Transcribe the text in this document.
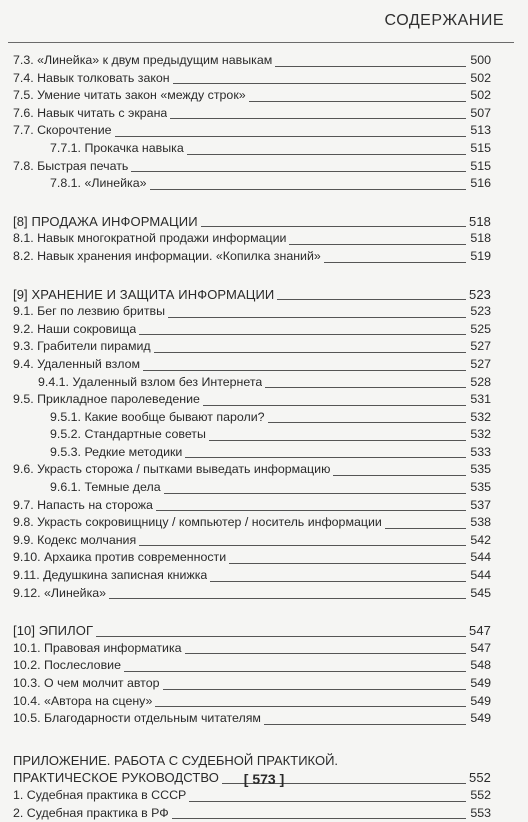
СОДЕРЖАНИЕ
7.3. «Линейка» к двум предыдущим навыкам	500
7.4. Навык толковать закон	502
7.5. Умение читать закон «между строк»	502
7.6. Навык читать с экрана	507
7.7. Скорочтение	513
7.7.1. Прокачка навыка	515
7.8. Быстрая печать	515
7.8.1. «Линейка»	516
[8] ПРОДАЖА ИНФОРМАЦИИ	518
8.1. Навык многократной продажи информации	518
8.2. Навык хранения информации. «Копилка знаний»	519
[9] ХРАНЕНИЕ И ЗАЩИТА ИНФОРМАЦИИ	523
9.1. Бег по лезвию бритвы	523
9.2. Наши сокровища	525
9.3. Грабители пирамид	527
9.4. Удаленный взлом	527
9.4.1. Удаленный взлом без Интернета	528
9.5. Прикладное паролеведение	531
9.5.1. Какие вообще бывают пароли?	532
9.5.2. Стандартные советы	532
9.5.3. Редкие методики	533
9.6. Украсть сторожа / пытками выведать информацию	535
9.6.1. Темные дела	535
9.7. Напасть на сторожа	537
9.8. Украсть сокровищницу / компьютер / носитель информации	538
9.9. Кодекс молчания	542
9.10. Архаика против современности	544
9.11. Дедушкина записная книжка	544
9.12. «Линейка»	545
[10] ЭПИЛОГ	547
10.1. Правовая информатика	547
10.2. Послесловие	548
10.3. О чем молчит автор	549
10.4. «Автора на сцену»	549
10.5. Благодарности отдельным читателям	549
ПРИЛОЖЕНИЕ. РАБОТА С СУДЕБНОЙ ПРАКТИКОЙ.
ПРАКТИЧЕСКОЕ РУКОВОДСТВО	552
1. Судебная практика в СССР	552
2. Судебная практика в РФ	553
[ 573 ]
